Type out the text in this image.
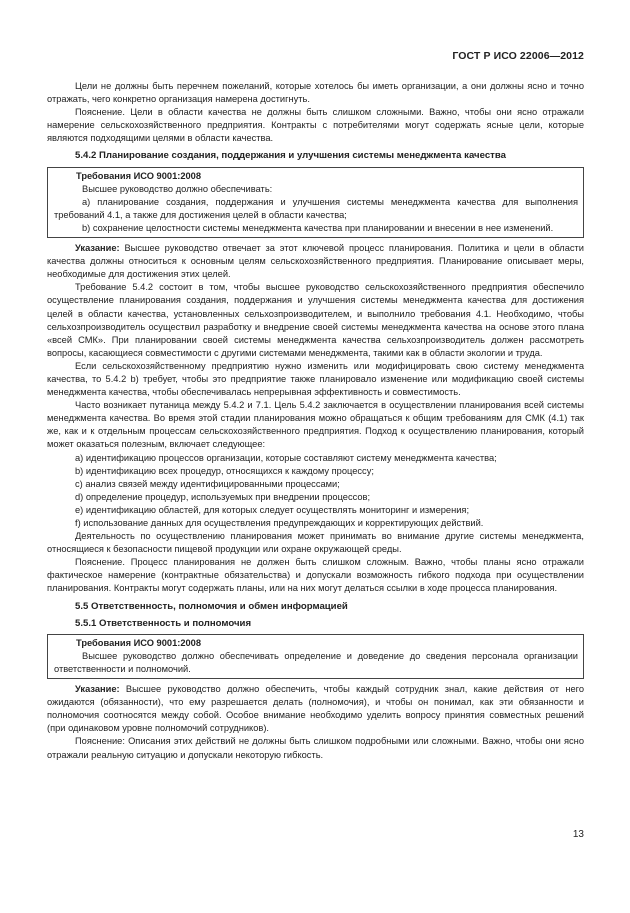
ГОСТ Р ИСО 22006—2012

Цели не должны быть перечнем пожеланий, которые хотелось бы иметь организации, а они должны ясно и точно отражать, чего конкретно организация намерена достигнуть.

Пояснение. Цели в области качества не должны быть слишком сложными. Важно, чтобы они ясно отражали намерение сельскохозяйственного предприятия. Контракты с потребителями могут содержать ясные цели, которые являются подходящими целями в области качества.

5.4.2 Планирование создания, поддержания и улучшения системы менеджмента качества

Требования ИСО 9001:2008

Высшее руководство должно обеспечивать:

а) планирование создания, поддержания и улучшения системы менеджмента качества для выполнения требований 4.1, а также для достижения целей в области качества;

b) сохранение целостности системы менеджмента качества при планировании и внесении в нее изменений.

Указание: Высшее руководство отвечает за этот ключевой процесс планирования. Политика и цели в области качества должны относиться к основным целям сельскохозяйственного предприятия. Планирование описывает меры, необходимые для достижения этих целей.

Требование 5.4.2 состоит в том, чтобы высшее руководство сельскохозяйственного предприятия обеспечило осуществление планирования создания, поддержания и улучшения системы менеджмента качества для достижения целей в области качества, установленных сельхозпроизводителем, и выполнило требования 4.1. Необходимо, чтобы сельхозпроизводитель осуществил разработку и внедрение своей системы менеджмента качества на основе этого плана «всей СМК». При планировании своей системы менеджмента качества сельхозпроизводитель должен рассмотреть вопросы, касающиеся совместимости с другими системами менеджмента, такими как в области экологии и труда.

Если сельскохозяйственному предприятию нужно изменить или модифицировать свою систему менеджмента качества, то 5.4.2 b) требует, чтобы это предприятие также планировало изменение или модификацию своей системы менеджмента качества, чтобы обеспечивалась непрерывная эффективность и совместимость.

Часто возникает путаница между 5.4.2 и 7.1. Цель 5.4.2 заключается в осуществлении планирования всей системы менеджмента качества. Во время этой стадии планирования можно обращаться к общим требованиям для СМК (4.1) так же, как и к отдельным процессам сельскохозяйственного предприятия. Подход к осуществлению планирования, который может оказаться полезным, включает следующее:

а) идентификацию процессов организации, которые составляют систему менеджмента качества;

b) идентификацию всех процедур, относящихся к каждому процессу;

c) анализ связей между идентифицированными процессами;

d) определение процедур, используемых при внедрении процессов;

e) идентификацию областей, для которых следует осуществлять мониторинг и измерения;

f) использование данных для осуществления предупреждающих и корректирующих действий.

Деятельность по осуществлению планирования может принимать во внимание другие системы менеджмента, относящиеся к безопасности пищевой продукции или охране окружающей среды.

Пояснение. Процесс планирования не должен быть слишком сложным. Важно, чтобы планы ясно отражали фактическое намерение (контрактные обязательства) и допускали возможность гибкого подхода при осуществлении планирования. Контракты могут содержать планы, или на них могут делаться ссылки в ходе процесса планирования.

5.5 Ответственность, полномочия и обмен информацией

5.5.1 Ответственность и полномочия

Требования ИСО 9001:2008

Высшее руководство должно обеспечивать определение и доведение до сведения персонала организации ответственности и полномочий.

Указание: Высшее руководство должно обеспечить, чтобы каждый сотрудник знал, какие действия от него ожидаются (обязанности), что ему разрешается делать (полномочия), и чтобы он понимал, как эти обязанности и полномочия соотносятся между собой. Особое внимание необходимо уделить вопросу принятия совместных решений (при одинаковом уровне полномочий сотрудников).

Пояснение: Описания этих действий не должны быть слишком подробными или сложными. Важно, чтобы они ясно отражали реальную ситуацию и допускали некоторую гибкость.

13
